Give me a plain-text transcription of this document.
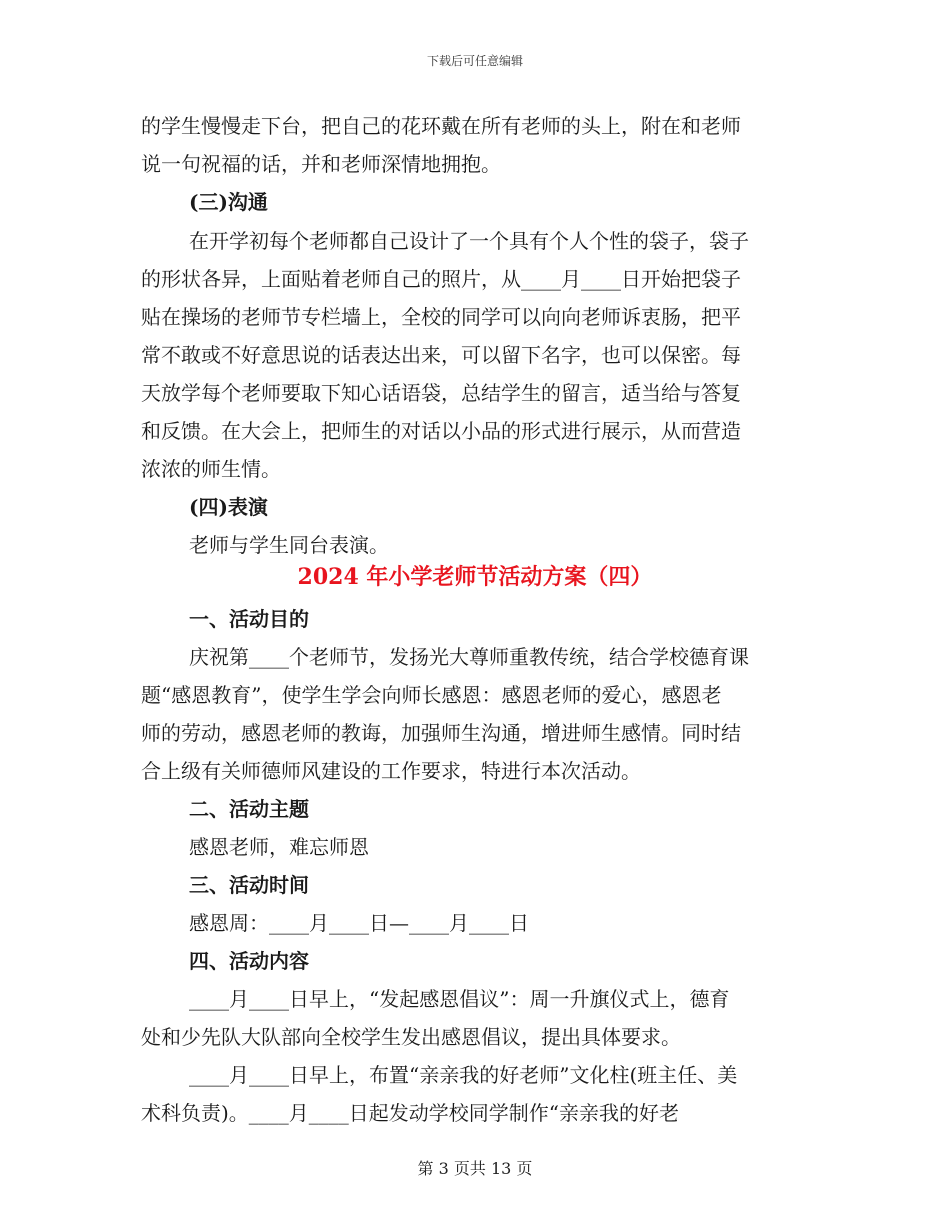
下载后可任意编辑
的学生慢慢走下台，把自己的花环戴在所有老师的头上，附在和老师
说一句祝福的话，并和老师深情地拥抱。
(三)沟通
在开学初每个老师都自己设计了一个具有个人个性的袋子，袋子
的形状各异，上面贴着老师自己的照片，从____月____日开始把袋子
贴在操场的老师节专栏墙上，全校的同学可以向向老师诉衷肠，把平
常不敢或不好意思说的话表达出来，可以留下名字，也可以保密。每
天放学每个老师要取下知心话语袋，总结学生的留言，适当给与答复
和反馈。在大会上，把师生的对话以小品的形式进行展示，从而营造
浓浓的师生情。
(四)表演
老师与学生同台表演。
2024 年小学老师节活动方案（四）
一、活动目的
庆祝第____个老师节，发扬光大尊师重教传统，结合学校德育课
题“感恩教育”，使学生学会向师长感恩：感恩老师的爱心，感恩老
师的劳动，感恩老师的教诲，加强师生沟通，增进师生感情。同时结
合上级有关师德师风建设的工作要求，特进行本次活动。
二、活动主题
感恩老师，难忘师恩
三、活动时间
感恩周：____月____日—____月____日
四、活动内容
____月____日早上，“发起感恩倡议”：周一升旗仪式上，德育
处和少先队大队部向全校学生发出感恩倡议，提出具体要求。
____月____日早上，布置“亲亲我的好老师”文化柱(班主任、美
术科负责)。____月____日起发动学校同学制作“亲亲我的好老
第 3 页共 13 页
